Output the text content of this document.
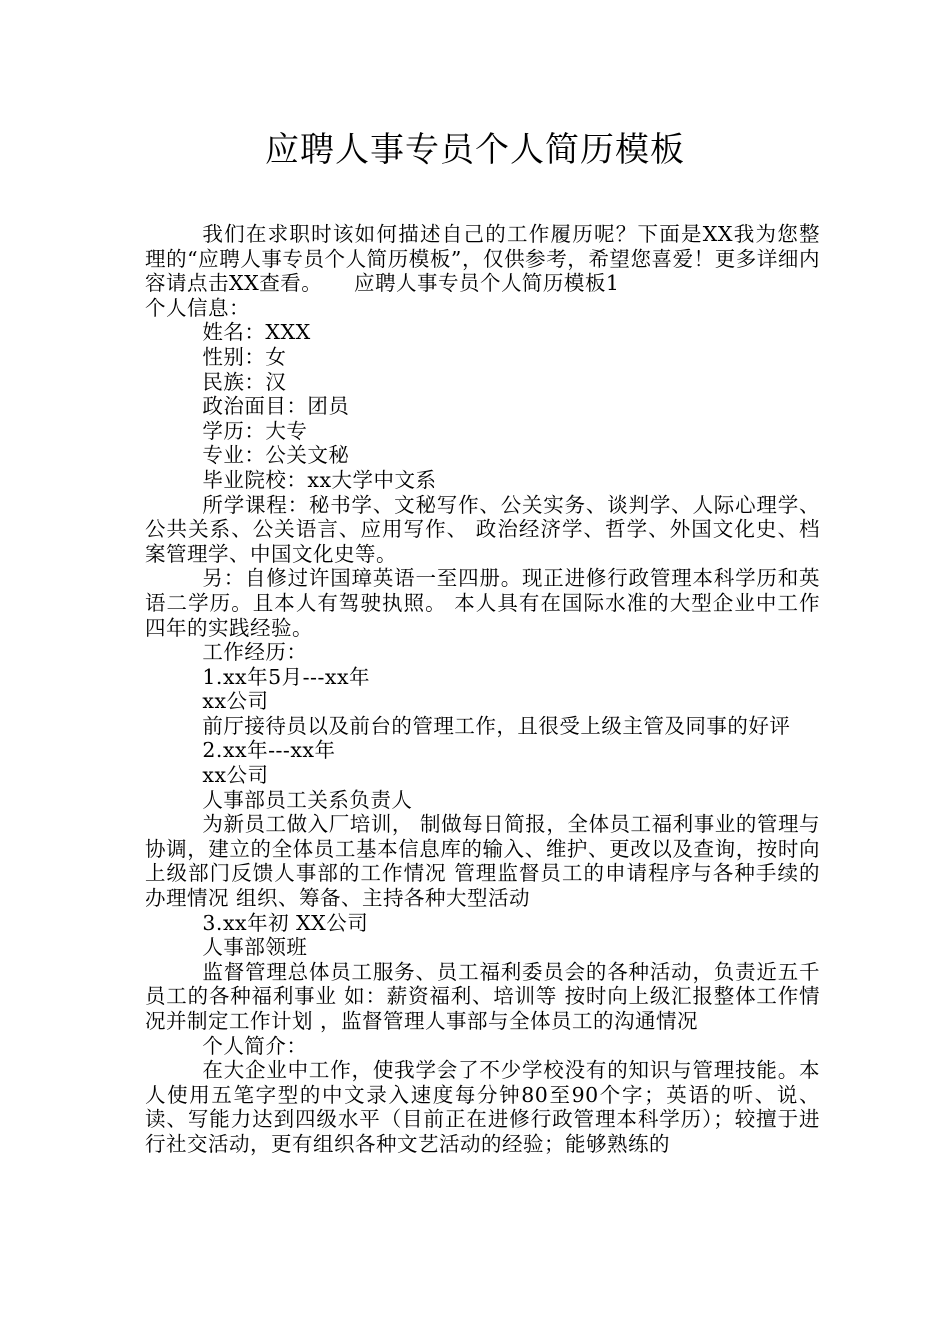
应聘人事专员个人简历模板

我们在求职时该如何描述自己的工作履历呢？下面是XX我为您整理的“应聘人事专员个人简历模板”，仅供参考，希望您喜爱！更多详细内容请点击XX查看。　　应聘人事专员个人简历模板1

个人信息：

姓名：XXX

性别：女

民族：汉

政治面目：团员

学历：大专

专业：公关文秘

毕业院校：xx大学中文系

所学课程：秘书学、文秘写作、公关实务、谈判学、人际心理学、公共关系、公关语言、应用写作、 政治经济学、哲学、外国文化史、档案管理学、中国文化史等。

另：自修过许国璋英语一至四册。现正进修行政管理本科学历和英语二学历。且本人有驾驶执照。 本人具有在国际水准的大型企业中工作四年的实践经验。

工作经历：

1.xx年5月---xx年

xx公司

前厅接待员以及前台的管理工作，且很受上级主管及同事的好评

2.xx年---xx年

xx公司

人事部员工关系负责人

为新员工做入厂培训， 制做每日简报，全体员工福利事业的管理与协调，建立的全体员工基本信息库的输入、维护、更改以及查询，按时向上级部门反馈人事部的工作情况 管理监督员工的申请程序与各种手续的办理情况 组织、筹备、主持各种大型活动

3.xx年初 XX公司

人事部领班

监督管理总体员工服务、员工福利委员会的各种活动，负责近五千员工的各种福利事业 如：薪资福利、培训等 按时向上级汇报整体工作情况并制定工作计划 ，监督管理人事部与全体员工的沟通情况

个人简介：

在大企业中工作，使我学会了不少学校没有的知识与管理技能。本人使用五笔字型的中文录入速度每分钟80至90个字；英语的听、说、读、写能力达到四级水平（目前正在进修行政管理本科学历）；较擅于进行社交活动，更有组织各种文艺活动的经验；能够熟练的
